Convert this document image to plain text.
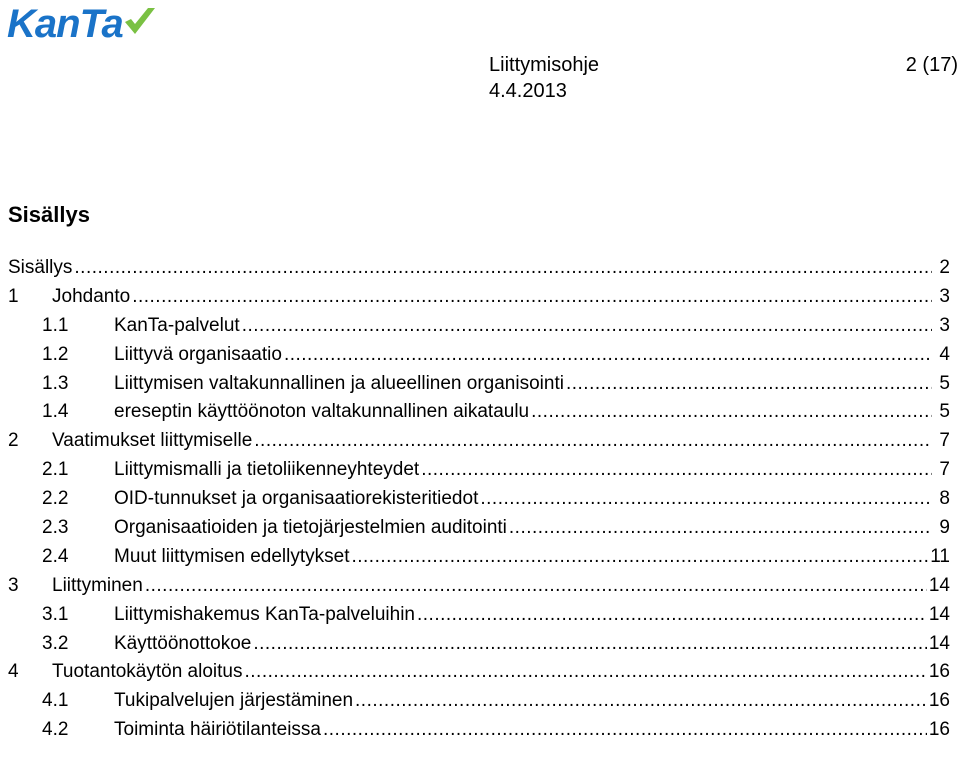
KanTa
Liittymisohje
4.4.2013
2 (17)
Sisällys
Sisällys .....	2
1	Johdanto .....	3
1.1	KanTa-palvelut .....	3
1.2	Liittyvä organisaatio .....	4
1.3	Liittymisen valtakunnallinen ja alueellinen organisointi .....	5
1.4	ereseptin käyttöönoton valtakunnallinen aikataulu .....	5
2	Vaatimukset liittymiselle .....	7
2.1	Liittymismalli ja tietoliikenneyhteydet .....	7
2.2	OID-tunnukset ja organisaatiorekisteritiedot .....	8
2.3	Organisaatioiden ja tietojärjestelmien auditointi .....	9
2.4	Muut liittymisen edellytykset .....	11
3	Liittyminen .....	14
3.1	Liittymishakemus KanTa-palveluihin .....	14
3.2	Käyttöönottokoe .....	14
4	Tuotantokäytön aloitus .....	16
4.1	Tukipalvelujen järjestäminen .....	16
4.2	Toiminta häiriötilanteissa .....	16
